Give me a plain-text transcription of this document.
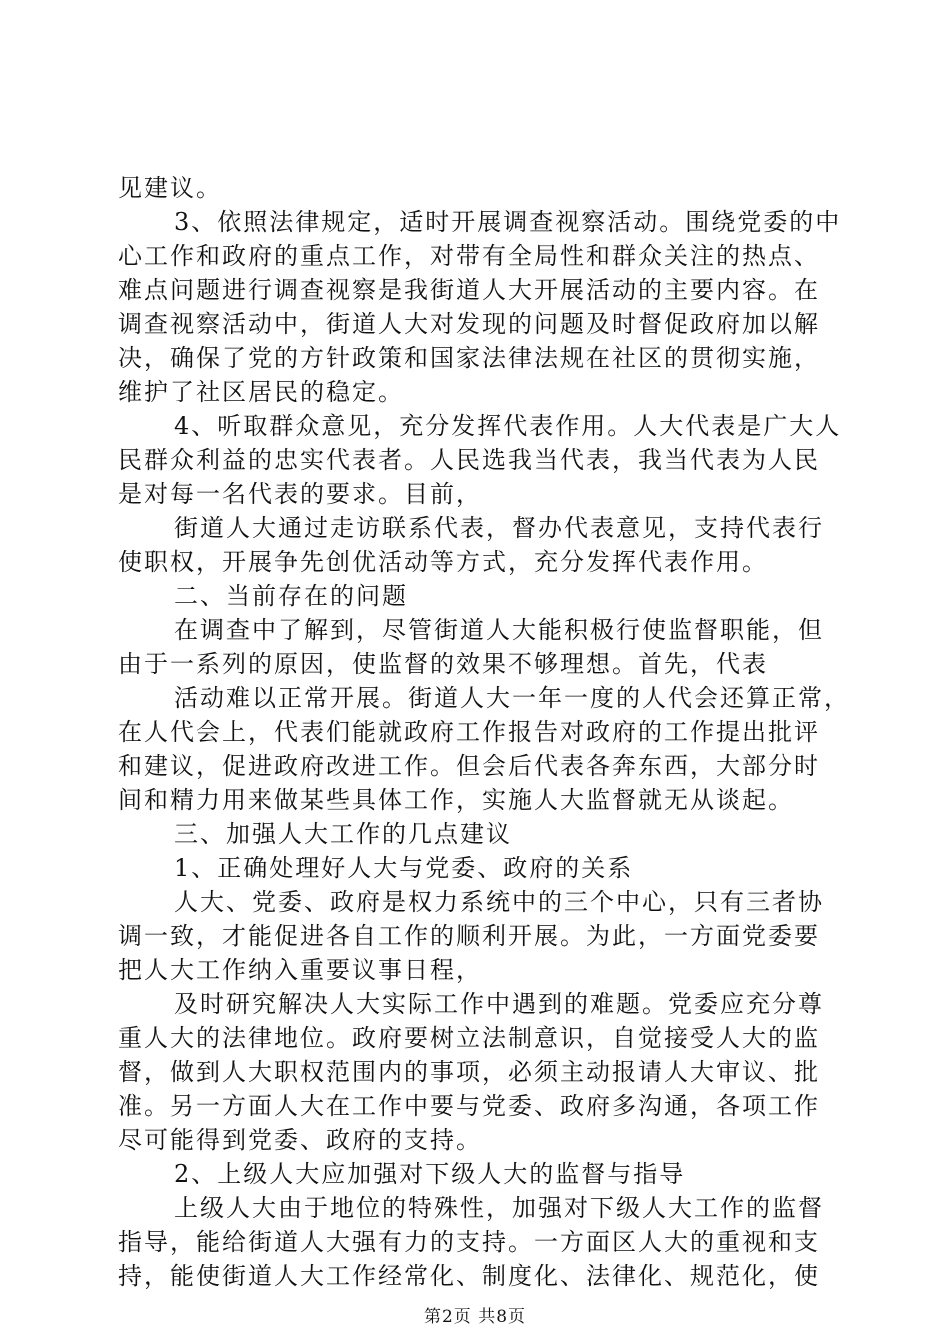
见建议。
3、依照法律规定，适时开展调查视察活动。围绕党委的中
心工作和政府的重点工作，对带有全局性和群众关注的热点、
难点问题进行调查视察是我街道人大开展活动的主要内容。在
调查视察活动中，街道人大对发现的问题及时督促政府加以解
决，确保了党的方针政策和国家法律法规在社区的贯彻实施，
维护了社区居民的稳定。
4、听取群众意见，充分发挥代表作用。人大代表是广大人
民群众利益的忠实代表者。人民选我当代表，我当代表为人民
是对每一名代表的要求。目前，
街道人大通过走访联系代表，督办代表意见，支持代表行
使职权，开展争先创优活动等方式，充分发挥代表作用。
二、当前存在的问题
在调查中了解到，尽管街道人大能积极行使监督职能，但
由于一系列的原因，使监督的效果不够理想。首先，代表
活动难以正常开展。街道人大一年一度的人代会还算正常，
在人代会上，代表们能就政府工作报告对政府的工作提出批评
和建议，促进政府改进工作。但会后代表各奔东西，大部分时
间和精力用来做某些具体工作，实施人大监督就无从谈起。
三、加强人大工作的几点建议
1、正确处理好人大与党委、政府的关系
人大、党委、政府是权力系统中的三个中心，只有三者协
调一致，才能促进各自工作的顺利开展。为此，一方面党委要
把人大工作纳入重要议事日程，
及时研究解决人大实际工作中遇到的难题。党委应充分尊
重人大的法律地位。政府要树立法制意识，自觉接受人大的监
督，做到人大职权范围内的事项，必须主动报请人大审议、批
准。另一方面人大在工作中要与党委、政府多沟通，各项工作
尽可能得到党委、政府的支持。
2、上级人大应加强对下级人大的监督与指导
上级人大由于地位的特殊性，加强对下级人大工作的监督
指导，能给街道人大强有力的支持。一方面区人大的重视和支
持，能使街道人大工作经常化、制度化、法律化、规范化，使
第2页 共8页
